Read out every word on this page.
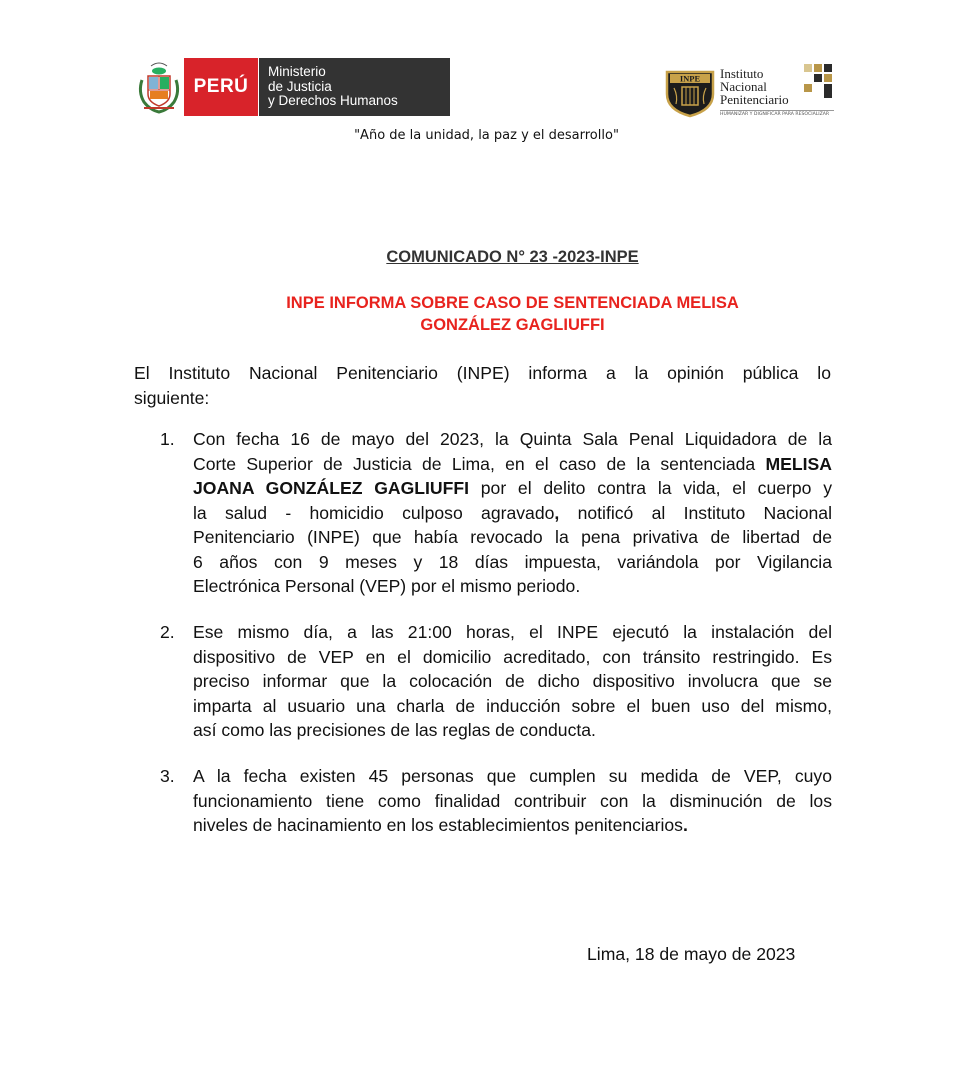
PERÚ
Ministerio
de Justicia
y Derechos Humanos
INPE Instituto
Nacional
Penitenciario
HUMANIZAR Y DIGNIFICAR PARA RESOCIALIZAR
"Año de la unidad, la paz y el desarrollo"
COMUNICADO N° 23 -2023-INPE
INPE INFORMA SOBRE CASO DE SENTENCIADA MELISA
GONZÁLEZ GAGLIUFFI
El Instituto Nacional Penitenciario (INPE) informa a la opinión pública lo
siguiente:
1. Con fecha 16 de mayo del 2023, la Quinta Sala Penal Liquidadora de la
Corte Superior de Justicia de Lima, en el caso de la sentenciada MELISA
JOANA GONZÁLEZ GAGLIUFFI por el delito contra la vida, el cuerpo y
la salud - homicidio culposo agravado, notificó al Instituto Nacional
Penitenciario (INPE) que había revocado la pena privativa de libertad de
6 años con 9 meses y 18 días impuesta, variándola por Vigilancia
Electrónica Personal (VEP) por el mismo periodo.
2. Ese mismo día, a las 21:00 horas, el INPE ejecutó la instalación del
dispositivo de VEP en el domicilio acreditado, con tránsito restringido. Es
preciso informar que la colocación de dicho dispositivo involucra que se
imparta al usuario una charla de inducción sobre el buen uso del mismo,
así como las precisiones de las reglas de conducta.
3. A la fecha existen 45 personas que cumplen su medida de VEP, cuyo
funcionamiento tiene como finalidad contribuir con la disminución de los
niveles de hacinamiento en los establecimientos penitenciarios.
Lima, 18 de mayo de 2023
